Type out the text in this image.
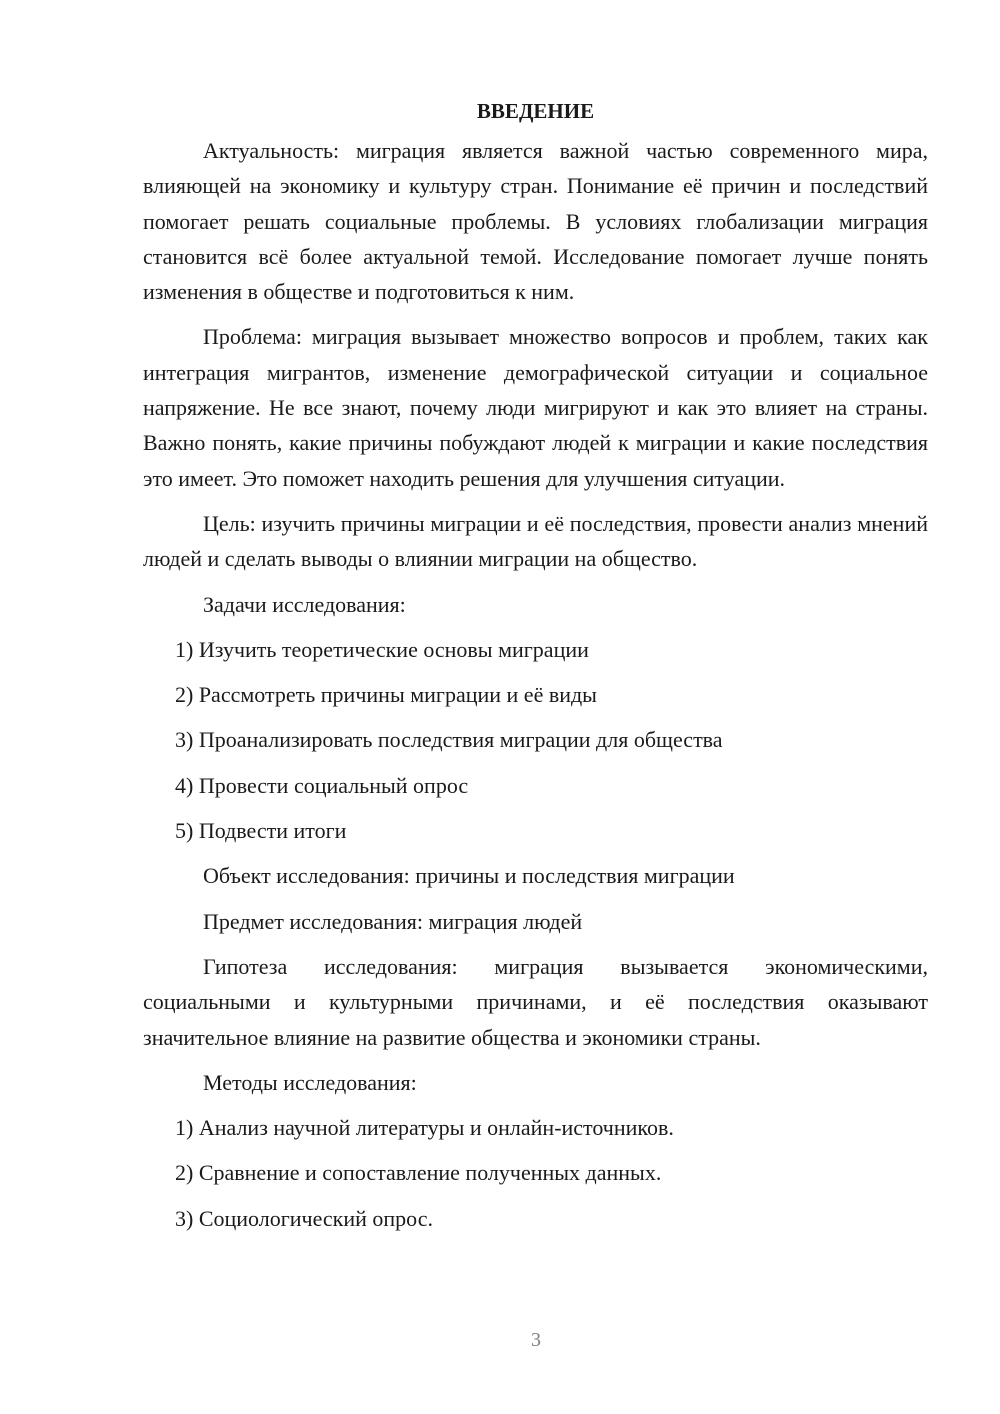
ВВЕДЕНИЕ

Актуальность: миграция является важной частью современного мира, влияющей на экономику и культуру стран. Понимание её причин и последствий помогает решать социальные проблемы. В условиях глобализации миграция становится всё более актуальной темой. Исследование помогает лучше понять изменения в обществе и подготовиться к ним.

Проблема: миграция вызывает множество вопросов и проблем, таких как интеграция мигрантов, изменение демографической ситуации и социальное напряжение. Не все знают, почему люди мигрируют и как это влияет на страны. Важно понять, какие причины побуждают людей к миграции и какие последствия это имеет. Это поможет находить решения для улучшения ситуации.

Цель: изучить причины миграции и её последствия, провести анализ мнений людей и сделать выводы о влиянии миграции на общество.

Задачи исследования:

1) Изучить теоретические основы миграции

2) Рассмотреть причины миграции и её виды

3) Проанализировать последствия миграции для общества

4) Провести социальный опрос

5) Подвести итоги

Объект исследования: причины и последствия миграции

Предмет исследования: миграция людей

Гипотеза исследования: миграция вызывается экономическими, социальными и культурными причинами, и её последствия оказывают значительное влияние на развитие общества и экономики страны.

Методы исследования:

1) Анализ научной литературы и онлайн-источников.

2) Сравнение и сопоставление полученных данных.

3) Социологический опрос.

3
